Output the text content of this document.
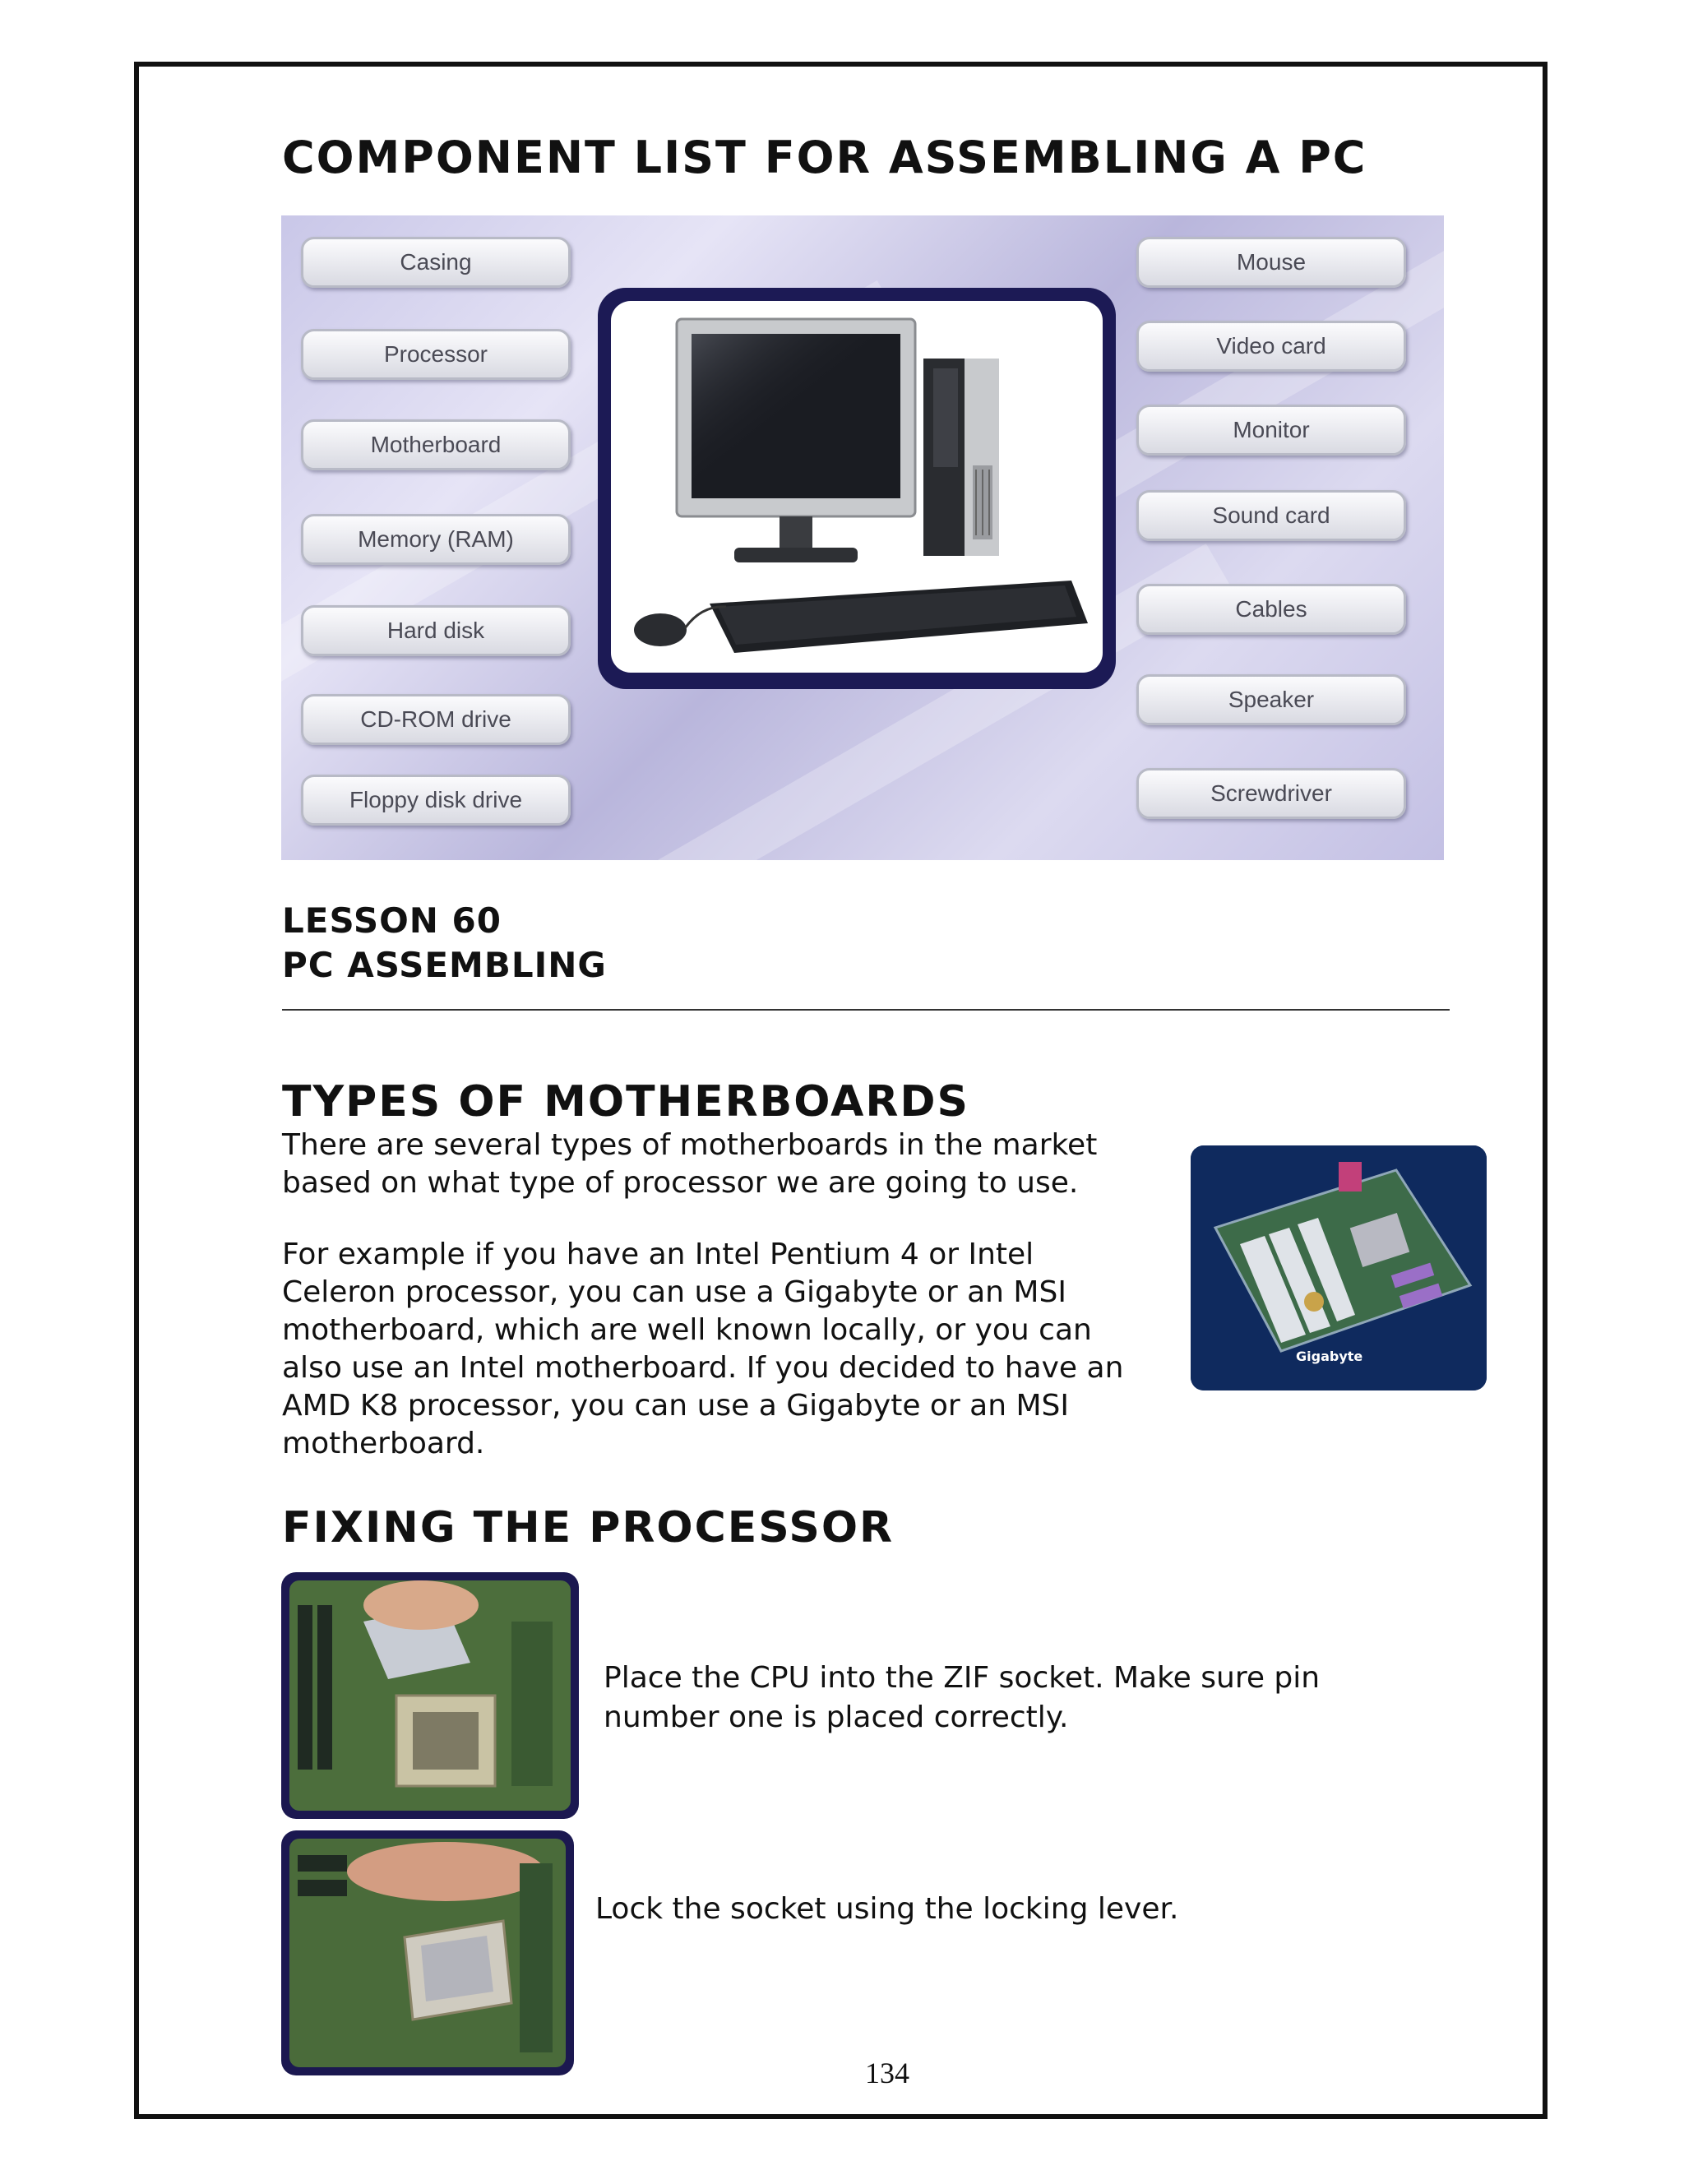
COMPONENT LIST FOR ASSEMBLING A PC
Casing
Processor
Motherboard
Memory (RAM)
Hard disk
CD-ROM drive
Floppy disk drive
Mouse
Video card
Monitor
Sound card
Cables
Speaker
Screwdriver
LESSON 60
PC ASSEMBLING
TYPES OF MOTHERBOARDS

There are several types of motherboards in the market based on what type of processor we are going to use.

For example if you have an Intel Pentium 4 or Intel Celeron processor, you can use a Gigabyte or an MSI motherboard, which are well known locally, or you can also use an Intel motherboard. If you decided to have an AMD K8 processor, you can use a Gigabyte or an MSI motherboard.

Gigabyte
FIXING THE PROCESSOR

Place the CPU into the ZIF socket. Make sure pin number one is placed correctly.

Lock the socket using the locking lever.

134
